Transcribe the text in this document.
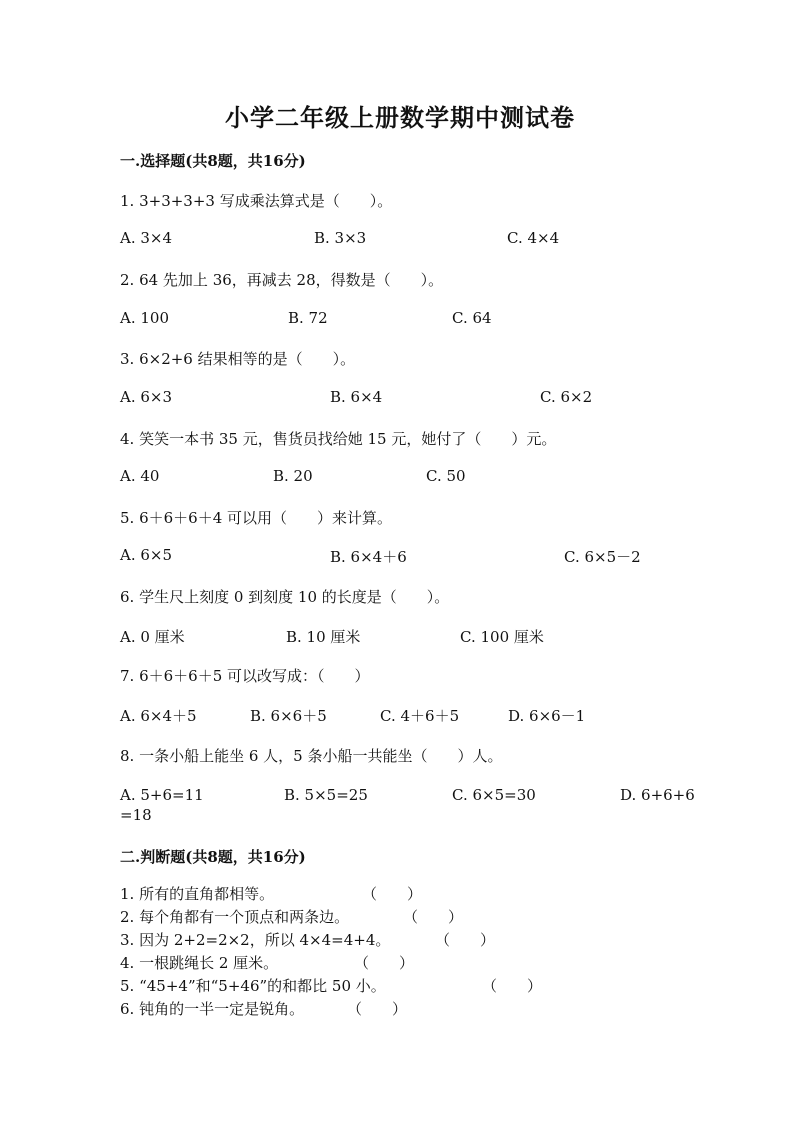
小学二年级上册数学期中测试卷
一.选择题(共8题，共16分)
1. 3+3+3+3 写成乘法算式是（　　）。
A. 3×4	B. 3×3	C. 4×4
2. 64 先加上 36，再减去 28，得数是（　　）。
A. 100	B. 72	C. 64
3. 6×2+6 结果相等的是（　　）。
A. 6×3	B. 6×4	C. 6×2
4. 笑笑一本书 35 元，售货员找给她 15 元，她付了（　　）元。
A. 40	B. 20	C. 50
5. 6＋6＋6＋4 可以用（　　）来计算。
A. 6×5	B. 6×4＋6	C. 6×5－2
6. 学生尺上刻度 0 到刻度 10 的长度是（　　）。
A. 0 厘米	B. 10 厘米	C. 100 厘米
7. 6＋6＋6＋5 可以改写成：（　　）
A. 6×4＋5	B. 6×6＋5	C. 4＋6＋5	D. 6×6－1
8. 一条小船上能坐 6 人，5 条小船一共能坐（　　）人。
A. 5+6=11	B. 5×5=25	C. 6×5=30	D. 6+6+6
=18
二.判断题(共8题，共16分)
1. 所有的直角都相等。	（　　）
2. 每个角都有一个顶点和两条边。	（　　）
3. 因为 2+2=2×2，所以 4×4=4+4。	（　　）
4. 一根跳绳长 2 厘米。	（　　）
5. “45+4”和“5+46”的和都比 50 小。	（　　）
6. 钝角的一半一定是锐角。	（　　）
